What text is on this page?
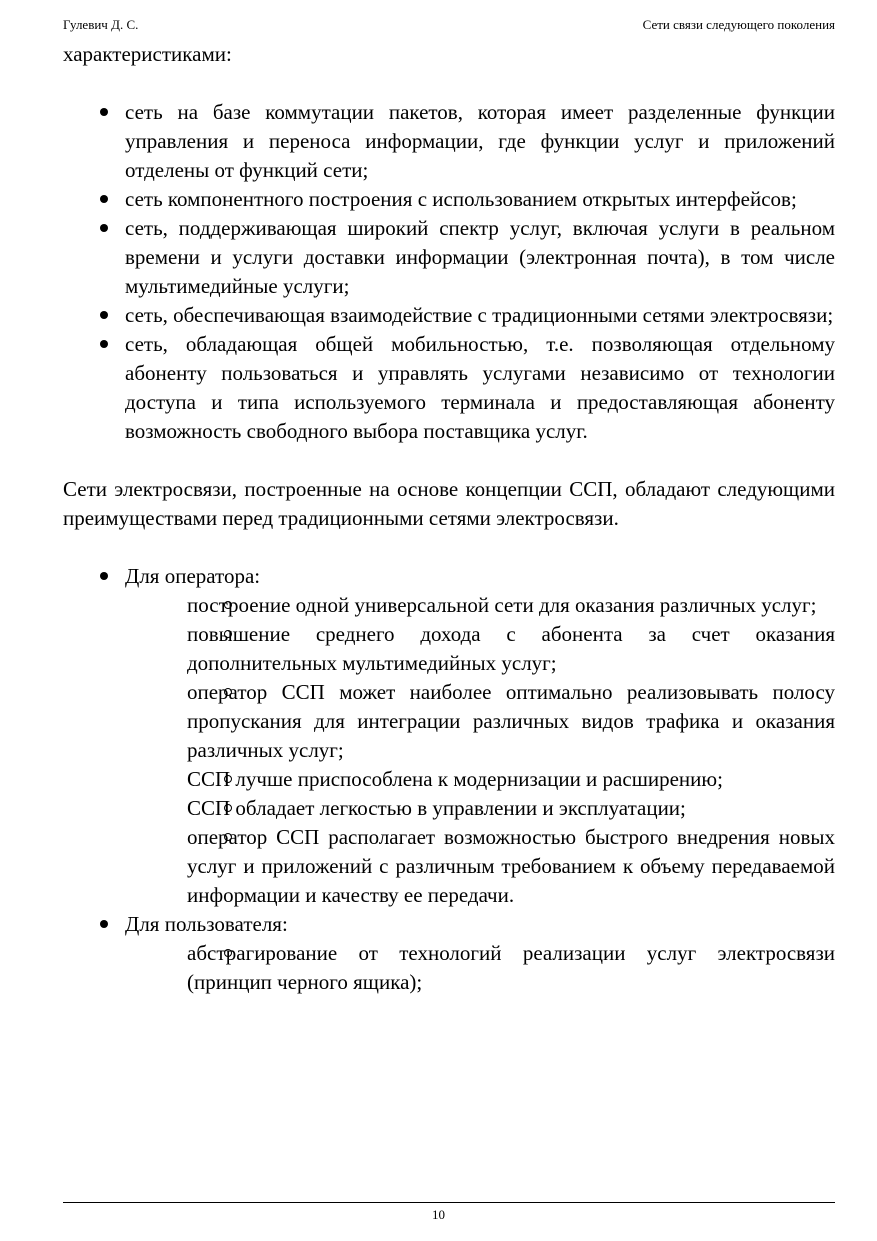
Гулевич Д. С.	Сети связи следующего поколения

характеристиками:

сеть на базе коммутации пакетов, которая имеет разделенные функции управления и переноса информации, где функции услуг и приложений отделены от функций сети;
сеть компонентного построения с использованием открытых интерфейсов;
сеть, поддерживающая широкий спектр услуг, включая услуги в реальном времени и услуги доставки информации (электронная почта), в том числе мультимедийные услуги;
сеть, обеспечивающая взаимодействие с традиционными сетями электросвязи;
сеть, обладающая общей мобильностью, т.е. позволяющая отдельному абоненту пользоваться и управлять услугами независимо от технологии доступа и типа используемого терминала и предоставляющая абоненту возможность свободного выбора поставщика услуг.

Сети электросвязи, построенные на основе концепции ССП, обладают следующими преимуществами перед традиционными сетями электросвязи.

Для оператора:
построение одной универсальной сети для оказания различных услуг;
повышение среднего дохода с абонента за счет оказания дополнительных мультимедийных услуг;
оператор ССП может наиболее оптимально реализовывать полосу пропускания для интеграции различных видов трафика и оказания различных услуг;
ССП лучше приспособлена к модернизации и расширению;
ССП обладает легкостью в управлении и эксплуатации;
оператор ССП располагает возможностью быстрого внедрения новых услуг и приложений с различным требованием к объему передаваемой информации и качеству ее передачи.
Для пользователя:
абстрагирование от технологий реализации услуг электросвязи (принцип черного ящика);
10
